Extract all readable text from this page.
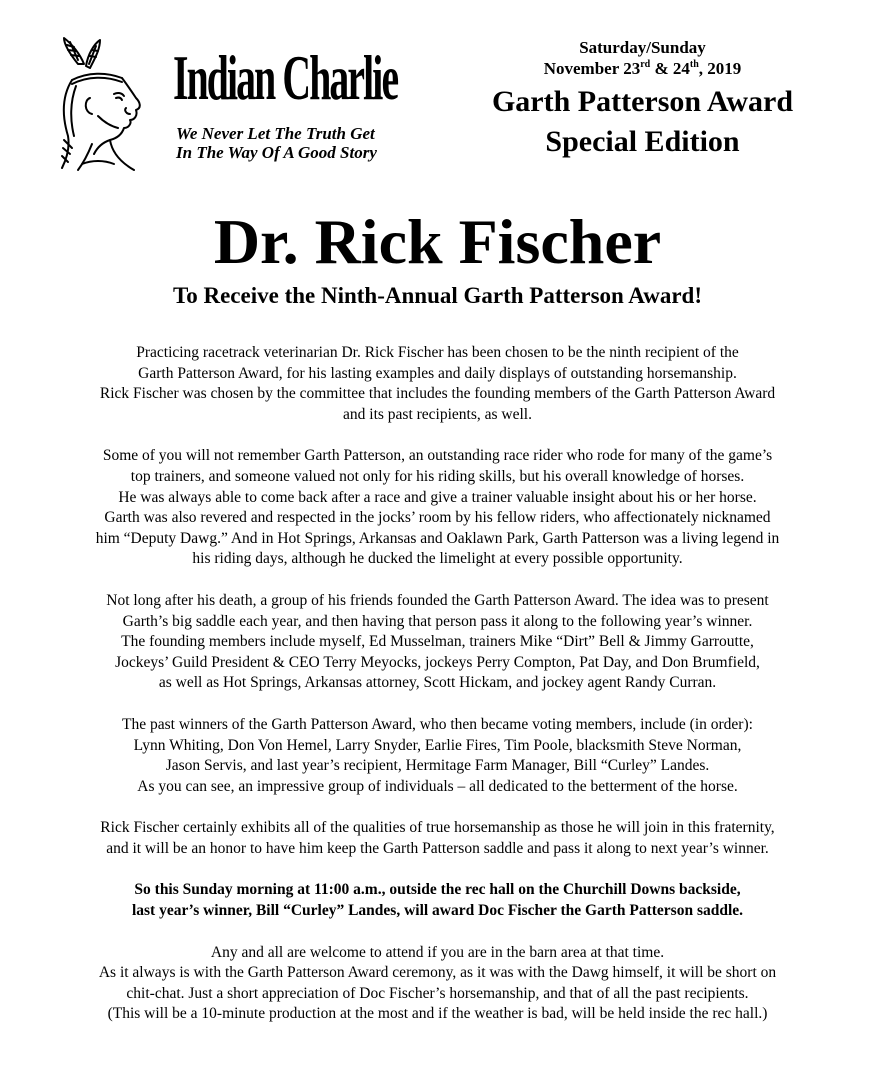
Indian Charlie
We Never Let The Truth Get
In The Way Of A Good Story
Saturday/Sunday
November 23rd & 24th, 2019
Garth Patterson Award
Special Edition
Dr. Rick Fischer
To Receive the Ninth-Annual Garth Patterson Award!

Practicing racetrack veterinarian Dr. Rick Fischer has been chosen to be the ninth recipient of the
Garth Patterson Award, for his lasting examples and daily displays of outstanding horsemanship.
Rick Fischer was chosen by the committee that includes the founding members of the Garth Patterson Award
and its past recipients, as well.

Some of you will not remember Garth Patterson, an outstanding race rider who rode for many of the game’s
top trainers, and someone valued not only for his riding skills, but his overall knowledge of horses.
He was always able to come back after a race and give a trainer valuable insight about his or her horse.
Garth was also revered and respected in the jocks’ room by his fellow riders, who affectionately nicknamed
him “Deputy Dawg.” And in Hot Springs, Arkansas and Oaklawn Park, Garth Patterson was a living legend in
his riding days, although he ducked the limelight at every possible opportunity.

Not long after his death, a group of his friends founded the Garth Patterson Award. The idea was to present
Garth’s big saddle each year, and then having that person pass it along to the following year’s winner.
The founding members include myself, Ed Musselman, trainers Mike “Dirt” Bell & Jimmy Garroutte,
Jockeys’ Guild President & CEO Terry Meyocks, jockeys Perry Compton, Pat Day, and Don Brumfield,
as well as Hot Springs, Arkansas attorney, Scott Hickam, and jockey agent Randy Curran.

The past winners of the Garth Patterson Award, who then became voting members, include (in order):
Lynn Whiting, Don Von Hemel, Larry Snyder, Earlie Fires, Tim Poole, blacksmith Steve Norman,
Jason Servis, and last year’s recipient, Hermitage Farm Manager, Bill “Curley” Landes.
As you can see, an impressive group of individuals – all dedicated to the betterment of the horse.

Rick Fischer certainly exhibits all of the qualities of true horsemanship as those he will join in this fraternity,
and it will be an honor to have him keep the Garth Patterson saddle and pass it along to next year’s winner.

So this Sunday morning at 11:00 a.m., outside the rec hall on the Churchill Downs backside,
last year’s winner, Bill “Curley” Landes, will award Doc Fischer the Garth Patterson saddle.

Any and all are welcome to attend if you are in the barn area at that time.
As it always is with the Garth Patterson Award ceremony, as it was with the Dawg himself, it will be short on
chit-chat. Just a short appreciation of Doc Fischer’s horsemanship, and that of all the past recipients.
(This will be a 10-minute production at the most and if the weather is bad, will be held inside the rec hall.)
